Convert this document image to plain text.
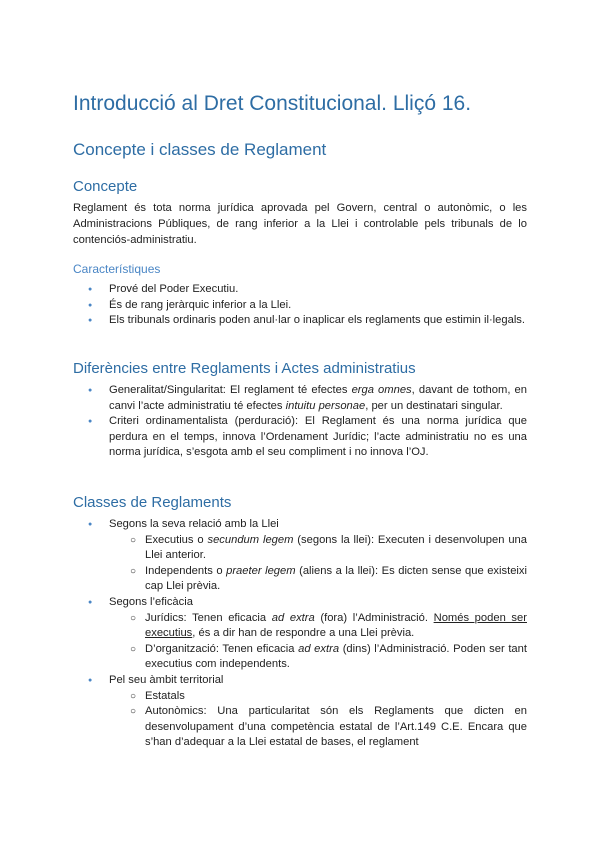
Introducció al Dret Constitucional. Lliçó 16.
Concepte i classes de Reglament
Concepte
Reglament és tota norma jurídica aprovada pel Govern, central o autonòmic, o les Administracions Públiques, de rang inferior a la Llei i controlable pels tribunals de lo contenciós-administratiu.
Característiques
● Prové del Poder Executiu.
● És de rang jeràrquic inferior a la Llei.
● Els tribunals ordinaris poden anul·lar o inaplicar els reglaments que estimin il·legals.
Diferències entre Reglaments i Actes administratius
● Generalitat/Singularitat: El reglament té efectes erga omnes, davant de tothom, en canvi l’acte administratiu té efectes intuitu personae, per un destinatari singular.
● Criteri ordinamentalista (perduració): El Reglament és una norma jurídica que perdura en el temps, innova l’Ordenament Jurídic; l’acte administratiu no es una norma jurídica, s’esgota amb el seu compliment i no innova l’OJ.
Classes de Reglaments
● Segons la seva relació amb la Llei
○ Executius o secundum legem (segons la llei): Executen i desenvolupen una Llei anterior.
○ Independents o praeter legem (aliens a la llei): Es dicten sense que existeixi cap Llei prèvia.
● Segons l’eficàcia
○ Jurídics: Tenen eficacia ad extra (fora) l’Administració. Només poden ser executius, és a dir han de respondre a una Llei prèvia.
○ D’organització: Tenen eficacia ad extra (dins) l’Administració. Poden ser tant executius com independents.
● Pel seu àmbit territorial
○ Estatals
○ Autonòmics: Una particularitat són els Reglaments que dicten en desenvolupament d’una competència estatal de l’Art.149 C.E. Encara que s’han d’adequar a la Llei estatal de bases, el reglament
